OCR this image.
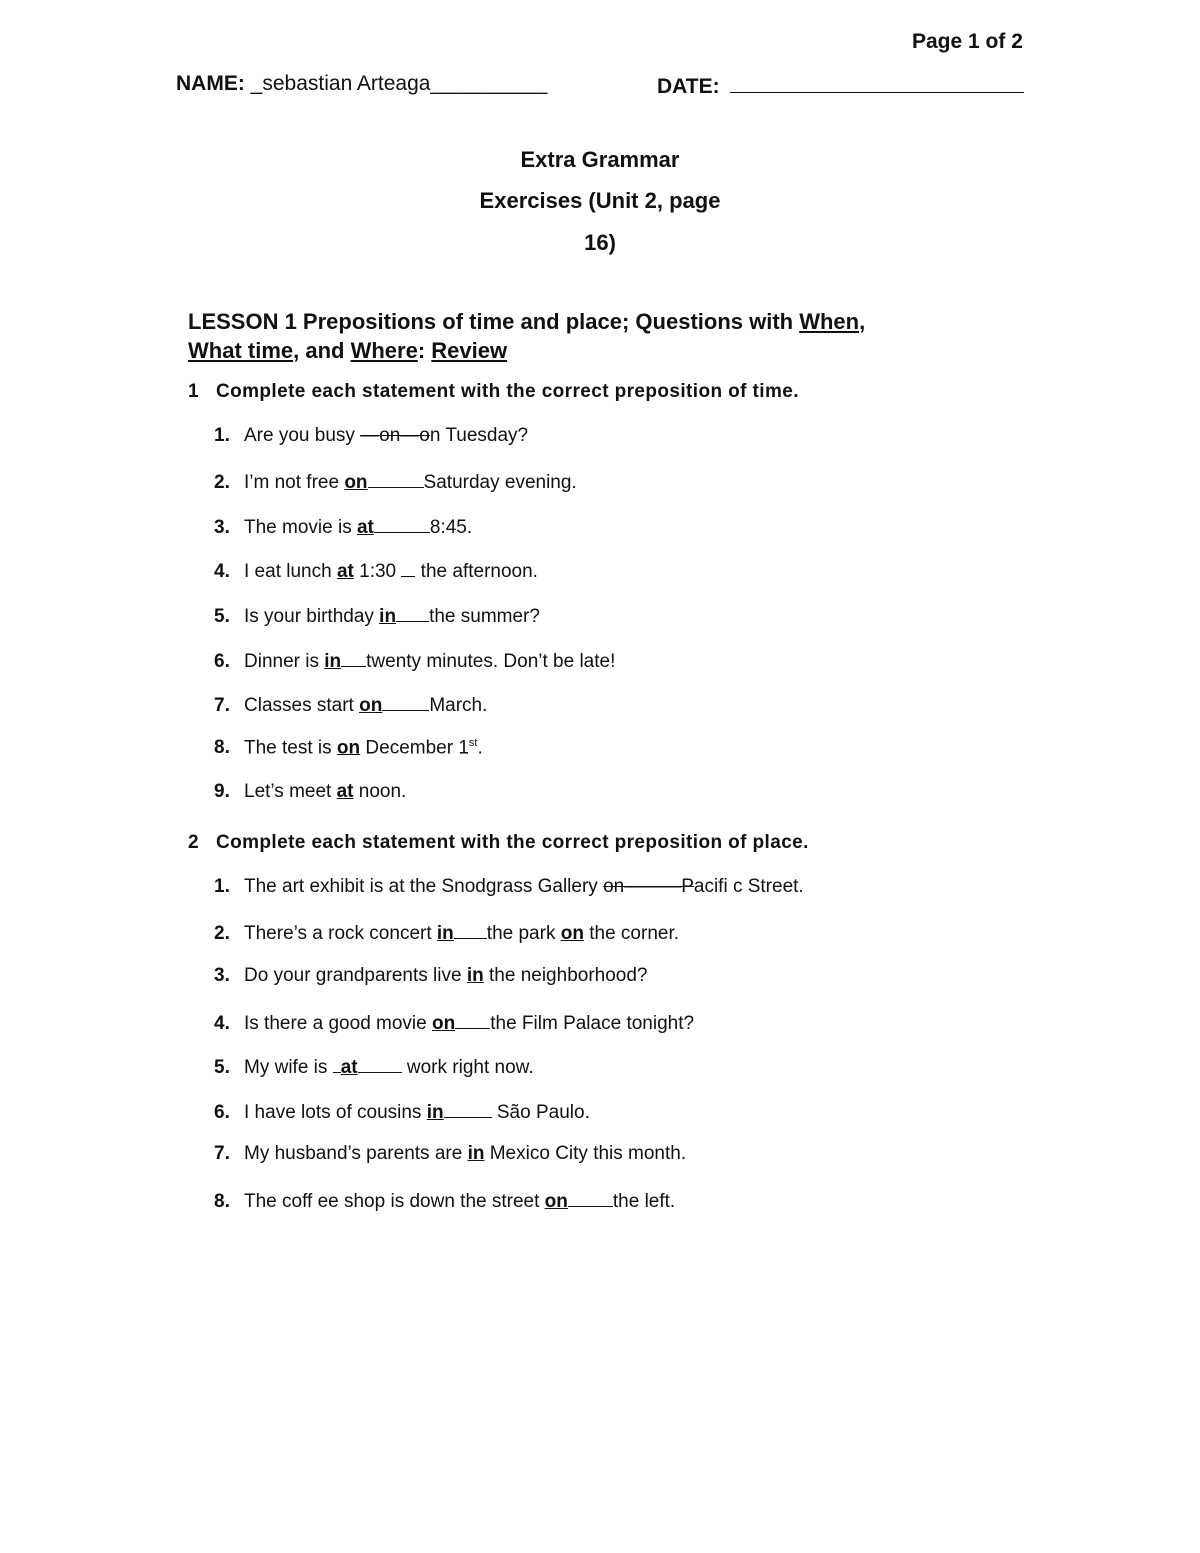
Page 1 of 2
NAME: _sebastian Arteaga__________	DATE:
Extra Grammar
Exercises (Unit 2, page
16)
LESSON 1 Prepositions of time and place; Questions with When,
What time, and Where: Review
1 Complete each statement with the correct preposition of time.
1. Are you busy —on—on Tuesday?
2. I’m not free on	Saturday evening.
3. The movie is at	8:45.
4. I eat lunch at 1:30  the afternoon.
5. Is your birthday in the summer?
6. Dinner is in twenty minutes. Don’t be late!
7. Classes start on March.
8. The test is on December 1st.
9. Let’s meet at noon.
2 Complete each statement with the correct preposition of place.
1. The art exhibit is at the Snodgrass Gallery on———Pacifi c Street.
2. There’s a rock concert in the park on the corner.
3. Do your grandparents live in the neighborhood?
4. Is there a good movie on the Film Palace tonight?
5. My wife is at work right now.
6. I have lots of cousins in	São Paulo.
7. My husband’s parents are in Mexico City this month.
8. The coff ee shop is down the street on the left.
